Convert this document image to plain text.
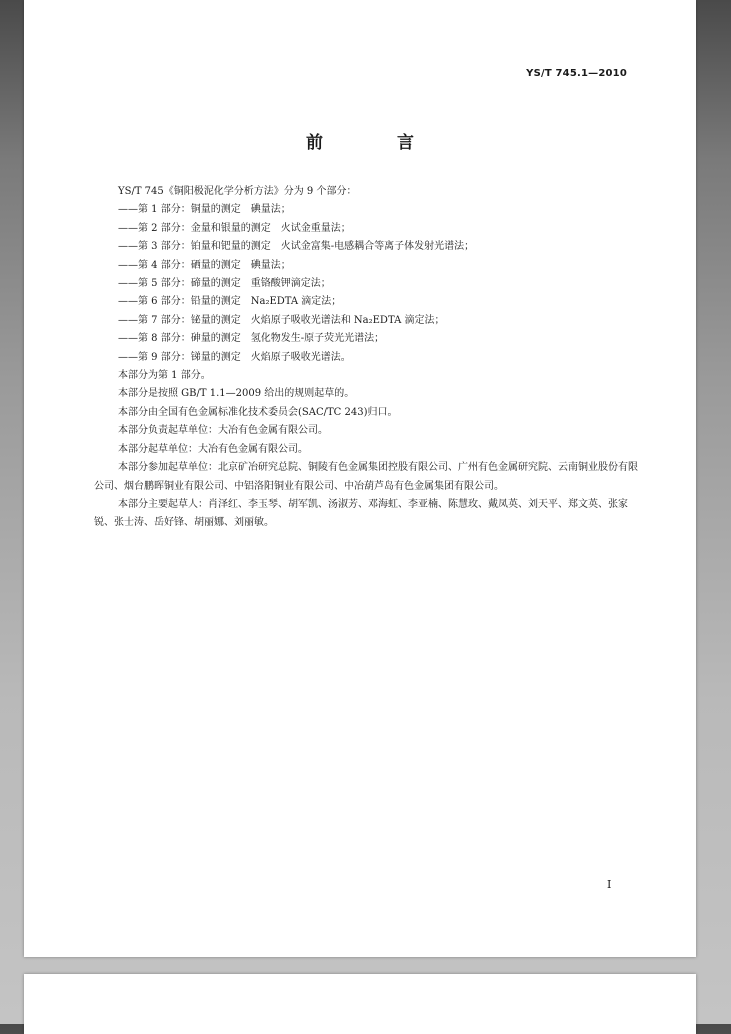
YS/T 745.1—2010
前 言

YS/T 745《铜阳极泥化学分析方法》分为 9 个部分：

——第 1 部分：铜量的测定 碘量法；

——第 2 部分：金量和银量的测定 火试金重量法；

——第 3 部分：铂量和钯量的测定 火试金富集-电感耦合等离子体发射光谱法；

——第 4 部分：硒量的测定 碘量法；

——第 5 部分：碲量的测定 重铬酸钾滴定法；

——第 6 部分：铅量的测定 Na₂EDTA 滴定法；

——第 7 部分：铋量的测定 火焰原子吸收光谱法和 Na₂EDTA 滴定法；

——第 8 部分：砷量的测定 氢化物发生-原子荧光光谱法；

——第 9 部分：锑量的测定 火焰原子吸收光谱法。

本部分为第 1 部分。

本部分是按照 GB/T 1.1—2009 给出的规则起草的。

本部分由全国有色金属标准化技术委员会(SAC/TC 243)归口。

本部分负责起草单位：大冶有色金属有限公司。

本部分起草单位：大冶有色金属有限公司。

本部分参加起草单位：北京矿冶研究总院、铜陵有色金属集团控股有限公司、广州有色金属研究院、云南铜业股份有限公司、烟台鹏晖铜业有限公司、中铝洛阳铜业有限公司、中冶葫芦岛有色金属集团有限公司。

本部分主要起草人：肖泽红、李玉琴、胡军凯、汤淑芳、邓海虹、李亚楠、陈慧玫、戴凤英、刘天平、郑文英、张家锐、张士涛、岳好锋、胡丽娜、刘丽敏。

I
